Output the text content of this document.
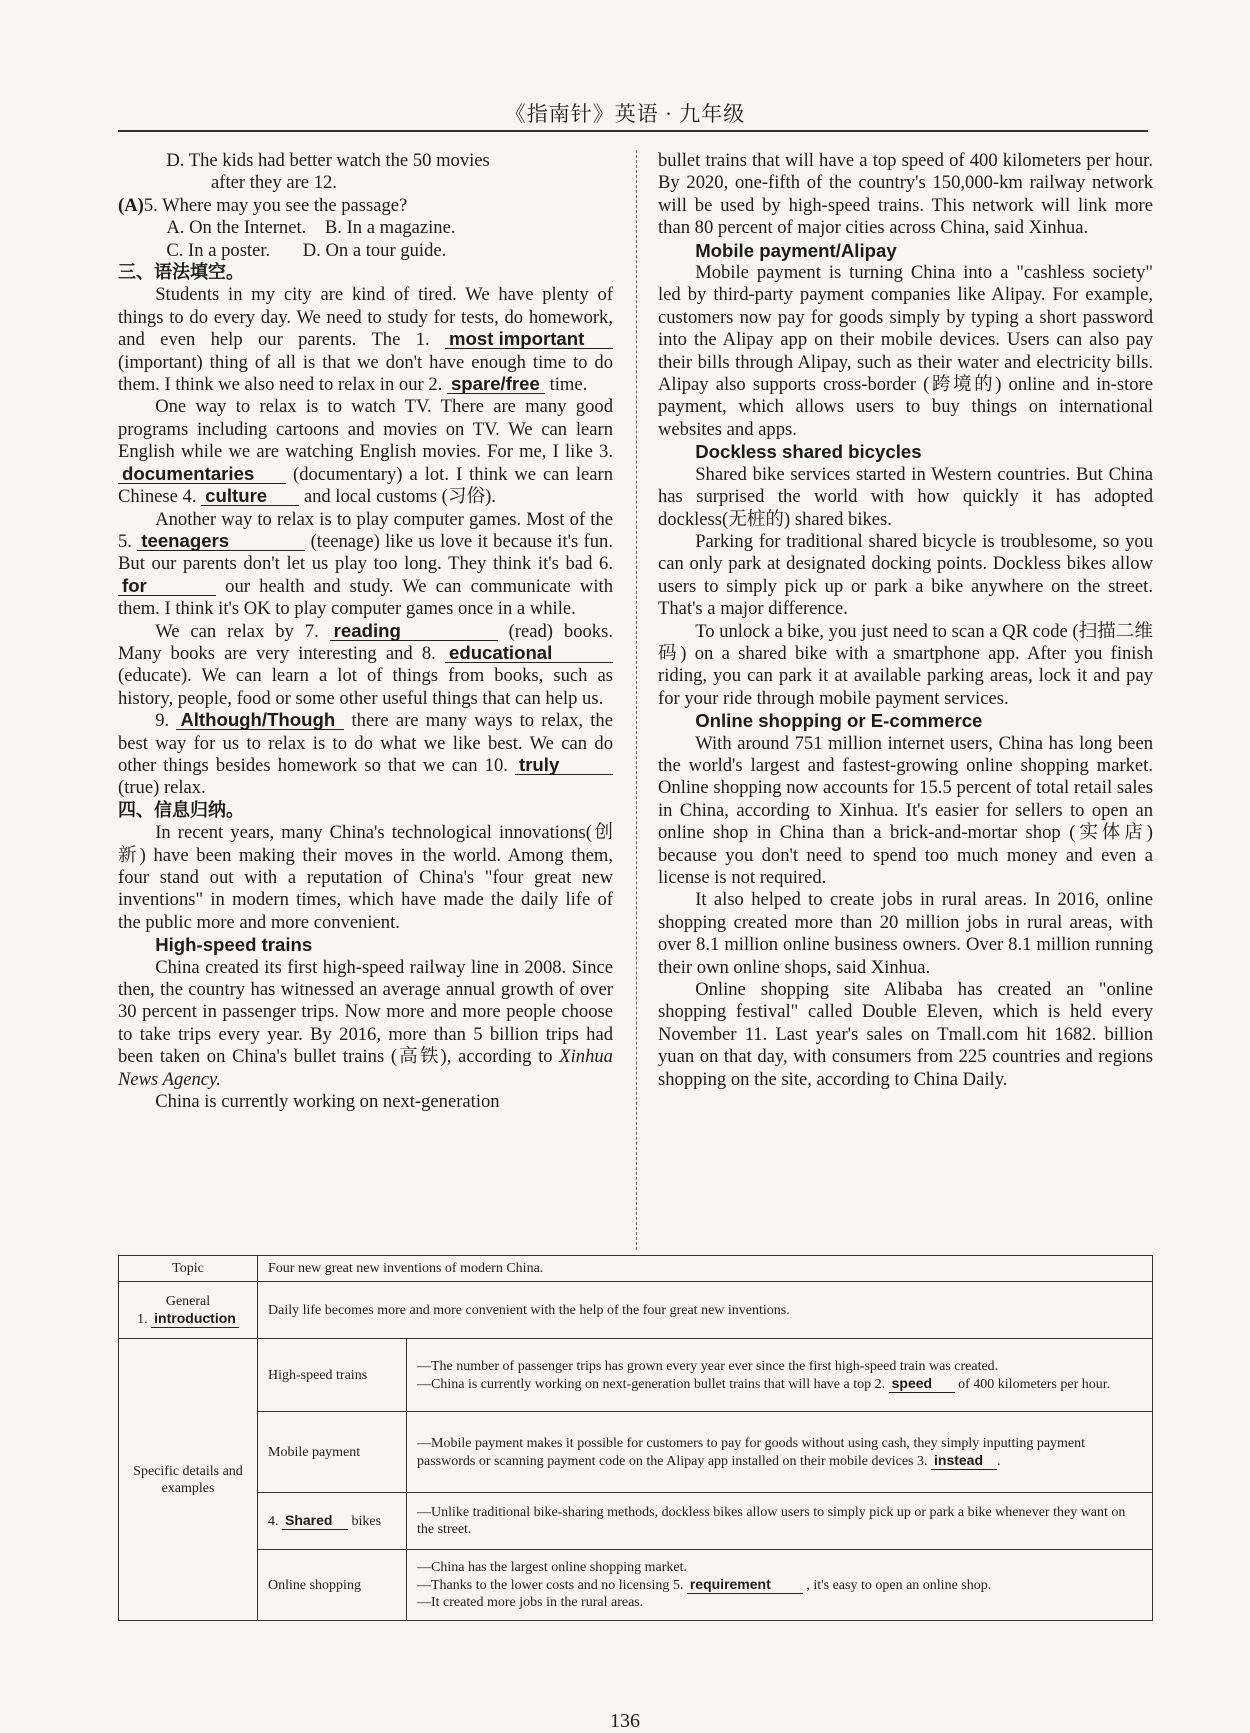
《指南针》英语 · 九年级

D. The kids had better watch the 50 movies

after they are 12.

(A)5. Where may you see the passage?

A. On the Internet. B. In a magazine.

C. In a poster. D. On a tour guide.

三、语法填空。

Students in my city are kind of tired. We have plenty of things to do every day. We need to study for tests, do homework, and even help our parents. The 1. most important (important) thing of all is that we don't have enough time to do them. I think we also need to relax in our 2. spare/free time.

One way to relax is to watch TV. There are many good programs including cartoons and movies on TV. We can learn English while we are watching English movies. For me, I like 3. documentaries (documentary) a lot. I think we can learn Chinese 4. culture and local customs (习俗).

Another way to relax is to play computer games. Most of the 5. teenagers	(teenage) like us love it because it's fun. But our parents don't let us play too long. They think it's bad 6. for	our health and study. We can communicate with them. I think it's OK to play computer games once in a while.

We can relax by 7. reading	(read) books. Many books are very interesting and 8. educational (educate). We can learn a lot of things from books, such as history, people, food or some other useful things that can help us.

9. Although/Though there are many ways to relax, the best way for us to relax is to do what we like best. We can do other things besides homework so that we can 10. truly (true) relax.

四、信息归纳。

In recent years, many China's technological innovations(创新) have been making their moves in the world. Among them, four stand out with a reputation of China's "four great new inventions" in modern times, which have made the daily life of the public more and more convenient.

High-speed trains

China created its first high-speed railway line in 2008. Since then, the country has witnessed an average annual growth of over 30 percent in passenger trips. Now more and more people choose to take trips every year. By 2016, more than 5 billion trips had been taken on China's bullet trains (高铁), according to Xinhua News Agency.

China is currently working on next-generation

bullet trains that will have a top speed of 400 kilometers per hour. By 2020, one-fifth of the country's 150,000-km railway network will be used by high-speed trains. This network will link more than 80 percent of major cities across China, said Xinhua.

Mobile payment/Alipay

Mobile payment is turning China into a "cashless society" led by third-party payment companies like Alipay. For example, customers now pay for goods simply by typing a short password into the Alipay app on their mobile devices. Users can also pay their bills through Alipay, such as their water and electricity bills. Alipay also supports cross-border (跨境的) online and in-store payment, which allows users to buy things on international websites and apps.

Dockless shared bicycles

Shared bike services started in Western countries. But China has surprised the world with how quickly it has adopted dockless(无桩的) shared bikes.

Parking for traditional shared bicycle is troublesome, so you can only park at designated docking points. Dockless bikes allow users to simply pick up or park a bike anywhere on the street. That's a major difference.

To unlock a bike, you just need to scan a QR code (扫描二维码) on a shared bike with a smartphone app. After you finish riding, you can park it at available parking areas, lock it and pay for your ride through mobile payment services.

Online shopping or E-commerce

With around 751 million internet users, China has long been the world's largest and fastest-growing online shopping market. Online shopping now accounts for 15.5 percent of total retail sales in China, according to Xinhua. It's easier for sellers to open an online shop in China than a brick-and-mortar shop (实体店) because you don't need to spend too much money and even a license is not required.

It also helped to create jobs in rural areas. In 2016, online shopping created more than 20 million jobs in rural areas, with over 8.1 million online business owners. Over 8.1 million running their own online shops, said Xinhua.

Online shopping site Alibaba has created an "online shopping festival" called Double Eleven, which is held every November 11. Last year's sales on Tmall.com hit 1682. billion yuan on that day, with consumers from 225 countries and regions shopping on the site, according to China Daily.

Topic	Four new great new inventions of modern China.	
General
1. introduction	Daily life becomes more and more convenient with the help of the four great new inventions.	
Specific details and examples	High-speed trains	—The number of passenger trips has grown every year ever since the first high-speed train was created.
—China is currently working on next-generation bullet trains that will have a top 2. speed of 400 kilometers per hour.
	Mobile payment	—Mobile payment makes it possible for customers to pay for goods without using cash, they simply inputting payment passwords or scanning payment code on the Alipay app installed on their mobile devices 3. instead .
	4. Shared bikes	—Unlike traditional bike-sharing methods, dockless bikes allow users to simply pick up or park a bike whenever they want on the street.
	Online shopping	—China has the largest online shopping market.
—Thanks to the lower costs and no licensing 5. requirement , it's easy to open an online shop.
—It created more jobs in the rural areas.
136
